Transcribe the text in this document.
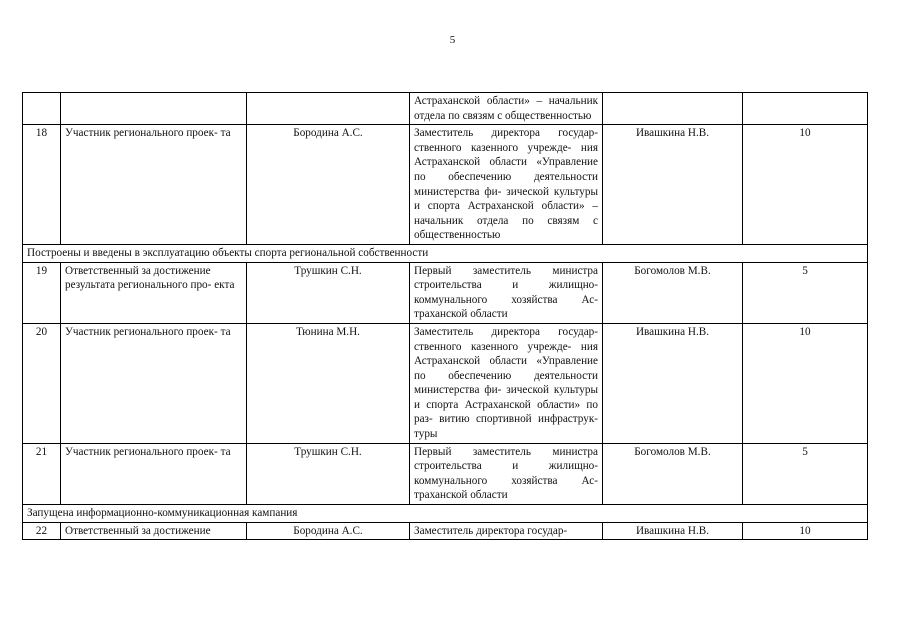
5
			Астраханской области» – начальник отдела по связям с общественностью		
18	Участник регионального проек- та	Бородина А.С.	Заместитель директора государ- ственного казенного учрежде- ния Астраханской области «Управление по обеспечению деятельности министерства фи- зической культуры и спорта Астраханской области» – начальник отдела по связям с общественностью	Ивашкина Н.В.	10
Построены и введены в эксплуатацию объекты спорта региональной собственности					
19	Ответственный за достижение результата регионального про- екта	Трушкин С.Н.	Первый заместитель министра строительства и жилищно- коммунального хозяйства Ас- траханской области	Богомолов М.В.	5
20	Участник регионального проек- та	Тюнина М.Н.	Заместитель директора государ- ственного казенного учрежде- ния Астраханской области «Управление по обеспечению деятельности министерства фи- зической культуры и спорта Астраханской области» по раз- витию спортивной инфраструк- туры	Ивашкина Н.В.	10
21	Участник регионального проек- та	Трушкин С.Н.	Первый заместитель министра строительства и жилищно- коммунального хозяйства Ас- траханской области	Богомолов М.В.	5
Запущена информационно-коммуникационная кампания					
22	Ответственный за достижение	Бородина А.С.	Заместитель директора государ-	Ивашкина Н.В.	10
